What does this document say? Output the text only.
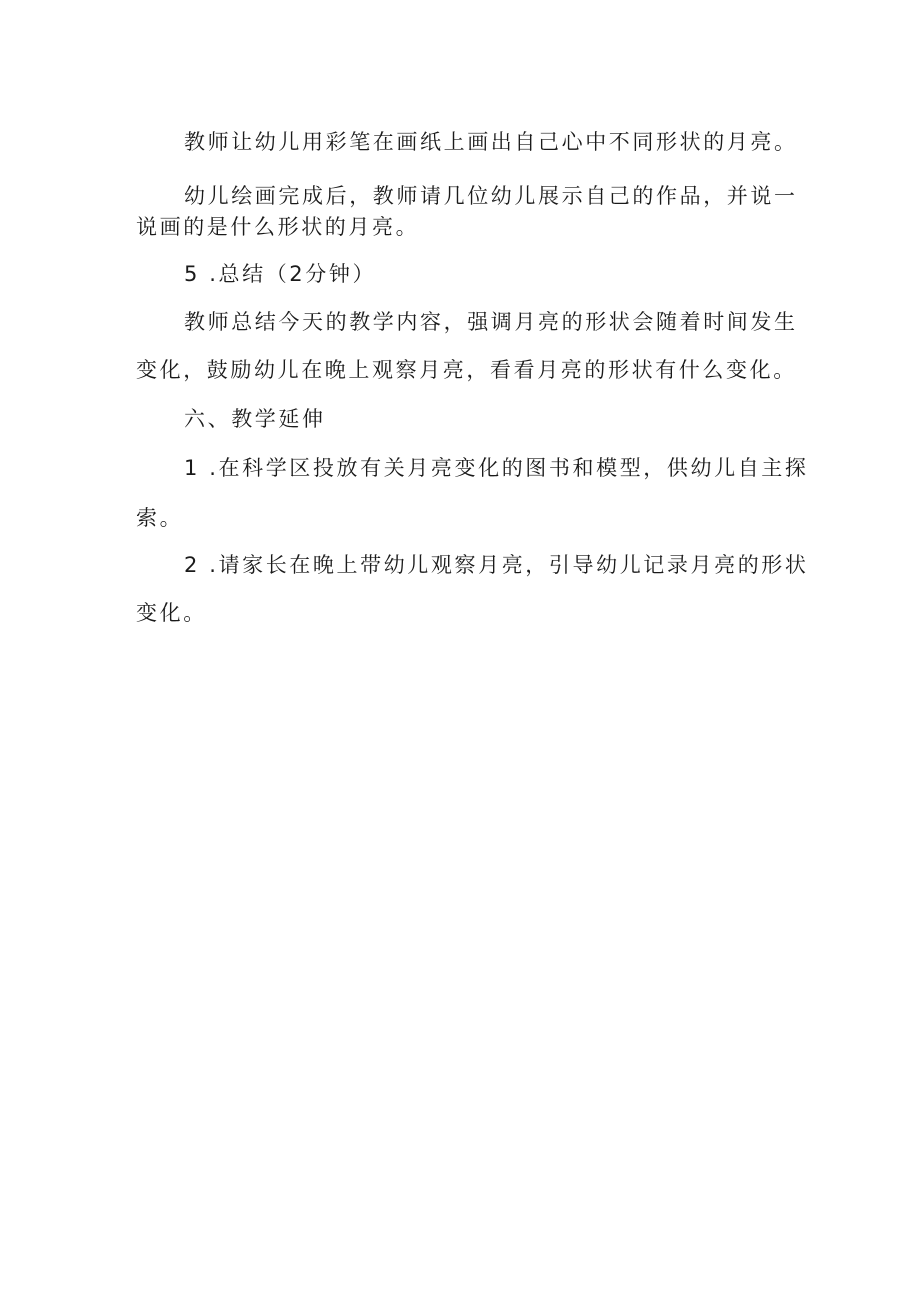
教师让幼儿用彩笔在画纸上画出自己心中不同形状的月亮。
幼儿绘画完成后，教师请几位幼儿展示自己的作品，并说一
说画的是什么形状的月亮。
5 .总结（2分钟）
教师总结今天的教学内容，强调月亮的形状会随着时间发生
变化，鼓励幼儿在晚上观察月亮，看看月亮的形状有什么变化。
六、教学延伸
1 .在科学区投放有关月亮变化的图书和模型，供幼儿自主探
索。
2 .请家长在晚上带幼儿观察月亮，引导幼儿记录月亮的形状
变化。
